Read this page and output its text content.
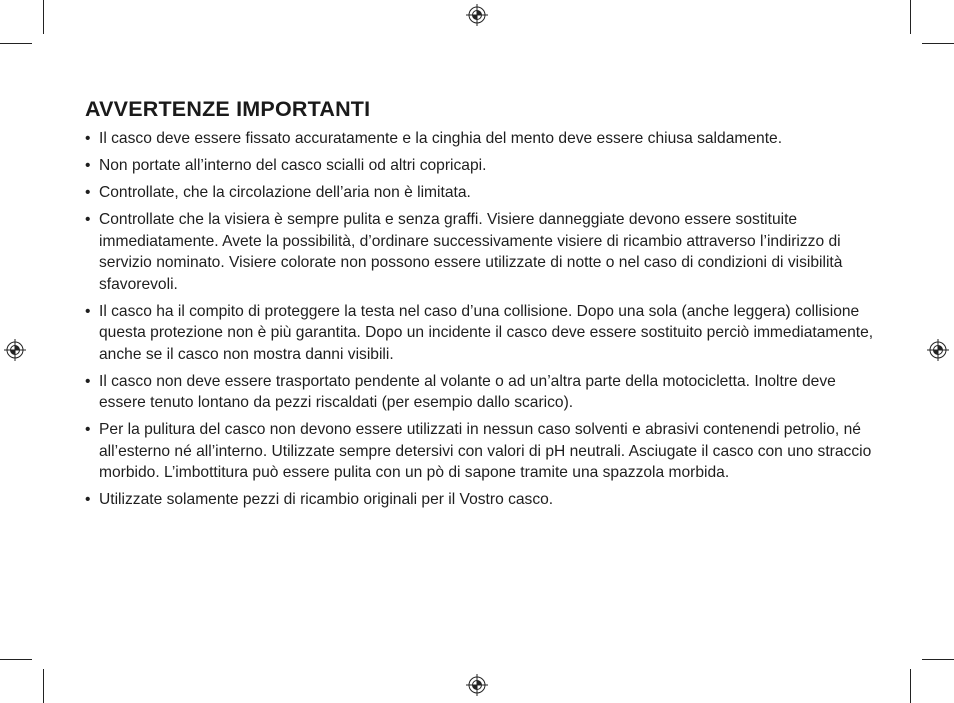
AVVERTENZE IMPORTANTI
• Il casco deve essere fissato accuratamente e la cinghia del mento deve essere chiusa saldamente.
• Non portate all’interno del casco scialli od altri copricapi.
• Controllate, che la circolazione dell’aria non è limitata.
• Controllate che la visiera è sempre pulita e senza graffi. Visiere danneggiate devono essere sostituite immediatamente. Avete la possibilità, d’ordinare successivamente visiere di ricambio attraverso l’indirizzo di servizio nominato. Visiere colorate non possono essere utilizzate di notte o nel caso di condizioni di visibilità sfavorevoli.
• Il casco ha il compito di proteggere la testa nel caso d’una collisione. Dopo una sola (anche leggera) collisione questa protezione non è più garantita. Dopo un incidente il casco deve essere sostituito perciò immediatamente, anche se il casco non mostra danni visibili.
• Il casco non deve essere trasportato pendente al volante o ad un’altra parte della motocicletta. Inoltre deve essere tenuto lontano da pezzi riscaldati (per esempio dallo scarico).
• Per la pulitura del casco non devono essere utilizzati in nessun caso solventi e abrasivi contenendi petrolio, né all’esterno né all’interno. Utilizzate sempre detersivi con valori di pH neutrali. Asciugate il casco con uno straccio morbido. L’imbottitura può essere pulita con un pò di sapone tramite una spazzola morbida.
• Utilizzate solamente pezzi di ricambio originali per il Vostro casco.
